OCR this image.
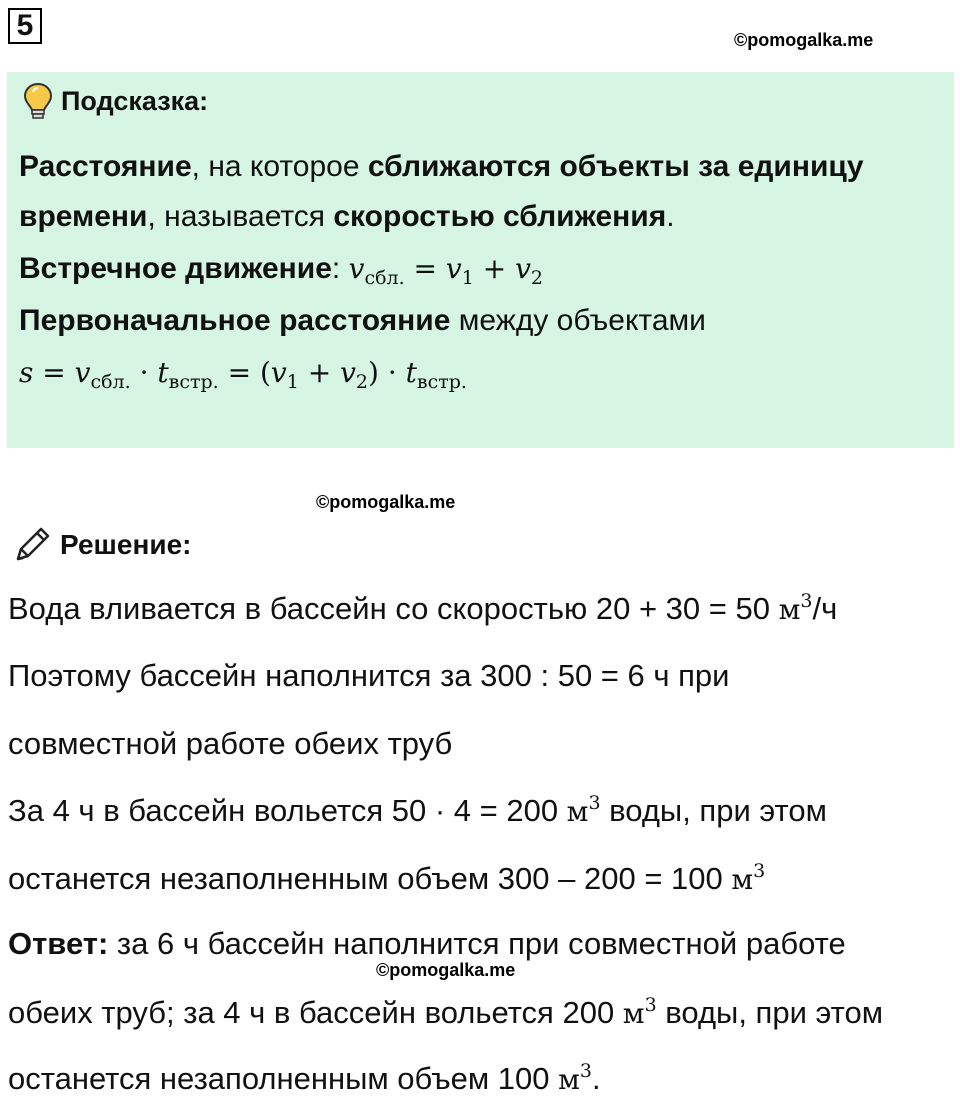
5	©pomogalka.me
Подсказка:
Расстояние, на которое сближаются объекты за единицу
времени, называется скоростью сближения.
Встречное движение: $v_{сбл.} = v_1 + v_2$
Первоначальное расстояние между объектами
$s = v_{сбл.} \cdot t_{встр.} = (v_1 + v_2) \cdot t_{встр.}$
©pomogalka.me
Решение:
Вода вливается в бассейн со скоростью 20 + 30 = 50 $м^3/ч$
Поэтому бассейн наполнится за 300 : 50 = 6 ч при
совместной работе обеих труб
За 4 ч в бассейн вольется 50 · 4 = 200 $м^3$ воды, при этом
останется незаполненным объем 300 – 200 = 100 $м^3$
Ответ: за 6 ч бассейн наполнится при совместной работе
©pomogalka.me
обеих труб; за 4 ч в бассейн вольется 200 $м^3$ воды, при этом
останется незаполненным объем 100 $м^3$.
